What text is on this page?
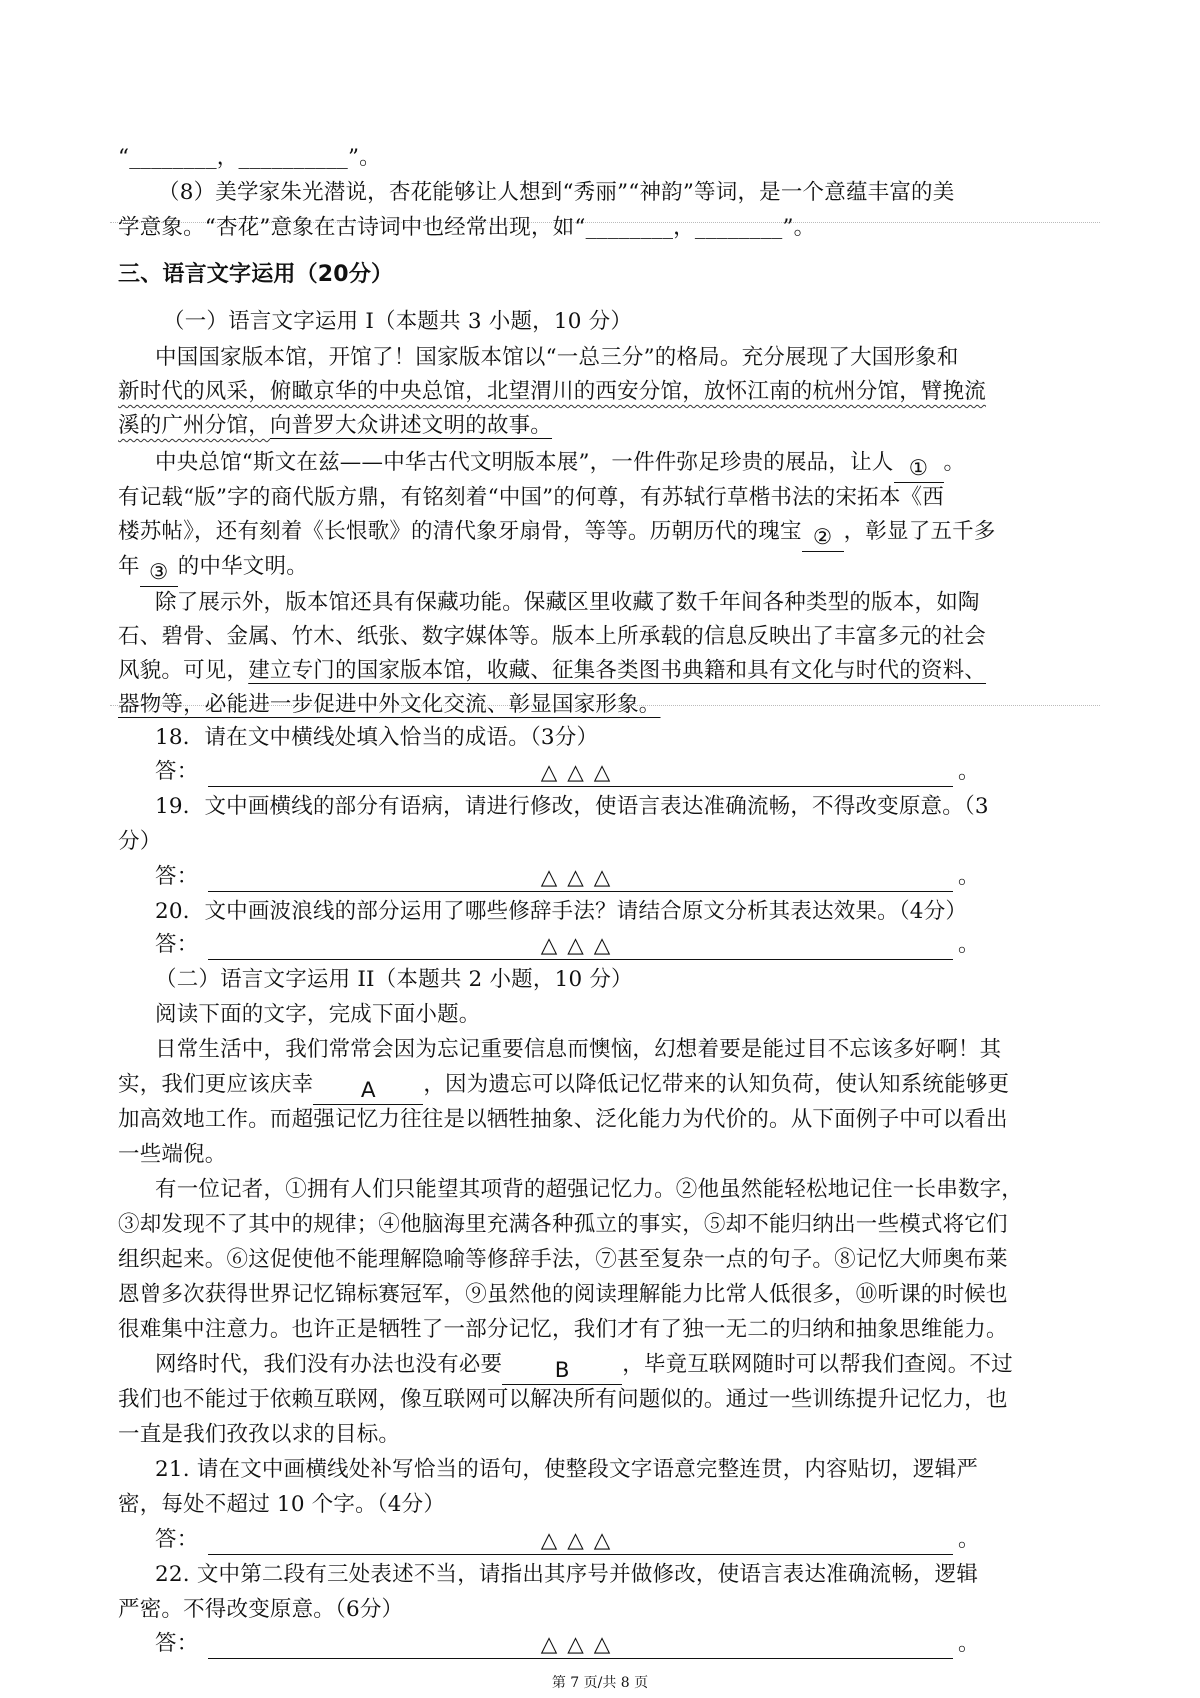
“________，__________”。
（8）美学家朱光潜说，杏花能够让人想到“秀丽”“神韵”等词，是一个意蕴丰富的美
学意象。“杏花”意象在古诗词中也经常出现，如“________，________”。
三、语言文字运用（20分）
（一）语言文字运用 I（本题共 3 小题，10 分）
中国国家版本馆，开馆了！国家版本馆以“一总三分”的格局。充分展现了大国形象和
新时代的风采，俯瞰京华的中央总馆，北望渭川的西安分馆，放怀江南的杭州分馆，臂挽流
溪的广州分馆，向普罗大众讲述文明的故事。
中央总馆“斯文在兹——中华古代文明版本展”，一件件弥足珍贵的展品，让人 ① 。
有记载“版”字的商代版方鼎，有铭刻着“中国”的何尊，有苏轼行草楷书法的宋拓本《西
楼苏帖》，还有刻着《长恨歌》的清代象牙扇骨，等等。历朝历代的瑰宝 ② ，彰显了五千多
年 ③ 的中华文明。
除了展示外，版本馆还具有保藏功能。保藏区里收藏了数千年间各种类型的版本，如陶
石、碧骨、金属、竹木、纸张、数字媒体等。版本上所承载的信息反映出了丰富多元的社会
风貌。可见，建立专门的国家版本馆，收藏、征集各类图书典籍和具有文化与时代的资料、
器物等，必能进一步促进中外文化交流、彰显国家形象。
18．请在文中横线处填入恰当的成语。（3分）
答：	△△△	。
19．文中画横线的部分有语病，请进行修改，使语言表达准确流畅，不得改变原意。（3
分）
答：	△△△	。
20．文中画波浪线的部分运用了哪些修辞手法？请结合原文分析其表达效果。（4分）
答：	△△△	。
（二）语言文字运用 II（本题共 2 小题，10 分）
阅读下面的文字，完成下面小题。
日常生活中，我们常常会因为忘记重要信息而懊恼，幻想着要是能过目不忘该多好啊！其
实，我们更应该庆幸 A ，因为遗忘可以降低记忆带来的认知负荷，使认知系统能够更
加高效地工作。而超强记忆力往往是以牺牲抽象、泛化能力为代价的。从下面例子中可以看出
一些端倪。
有一位记者，①拥有人们只能望其项背的超强记忆力。②他虽然能轻松地记住一长串数字，
③却发现不了其中的规律；④他脑海里充满各种孤立的事实，⑤却不能归纳出一些模式将它们
组织起来。⑥这促使他不能理解隐喻等修辞手法，⑦甚至复杂一点的句子。⑧记忆大师奥布莱
恩曾多次获得世界记忆锦标赛冠军，⑨虽然他的阅读理解能力比常人低很多，⑩听课的时候也
很难集中注意力。也许正是牺牲了一部分记忆，我们才有了独一无二的归纳和抽象思维能力。
网络时代，我们没有办法也没有必要 B ，毕竟互联网随时可以帮我们查阅。不过
我们也不能过于依赖互联网，像互联网可以解决所有问题似的。通过一些训练提升记忆力，也
一直是我们孜孜以求的目标。
21. 请在文中画横线处补写恰当的语句，使整段文字语意完整连贯，内容贴切，逻辑严
密，每处不超过 10 个字。（4分）
答：	△△△	。
22. 文中第二段有三处表述不当，请指出其序号并做修改，使语言表达准确流畅，逻辑
严密。不得改变原意。（6分）
答：	△△△	。
第 7 页/共 8 页
